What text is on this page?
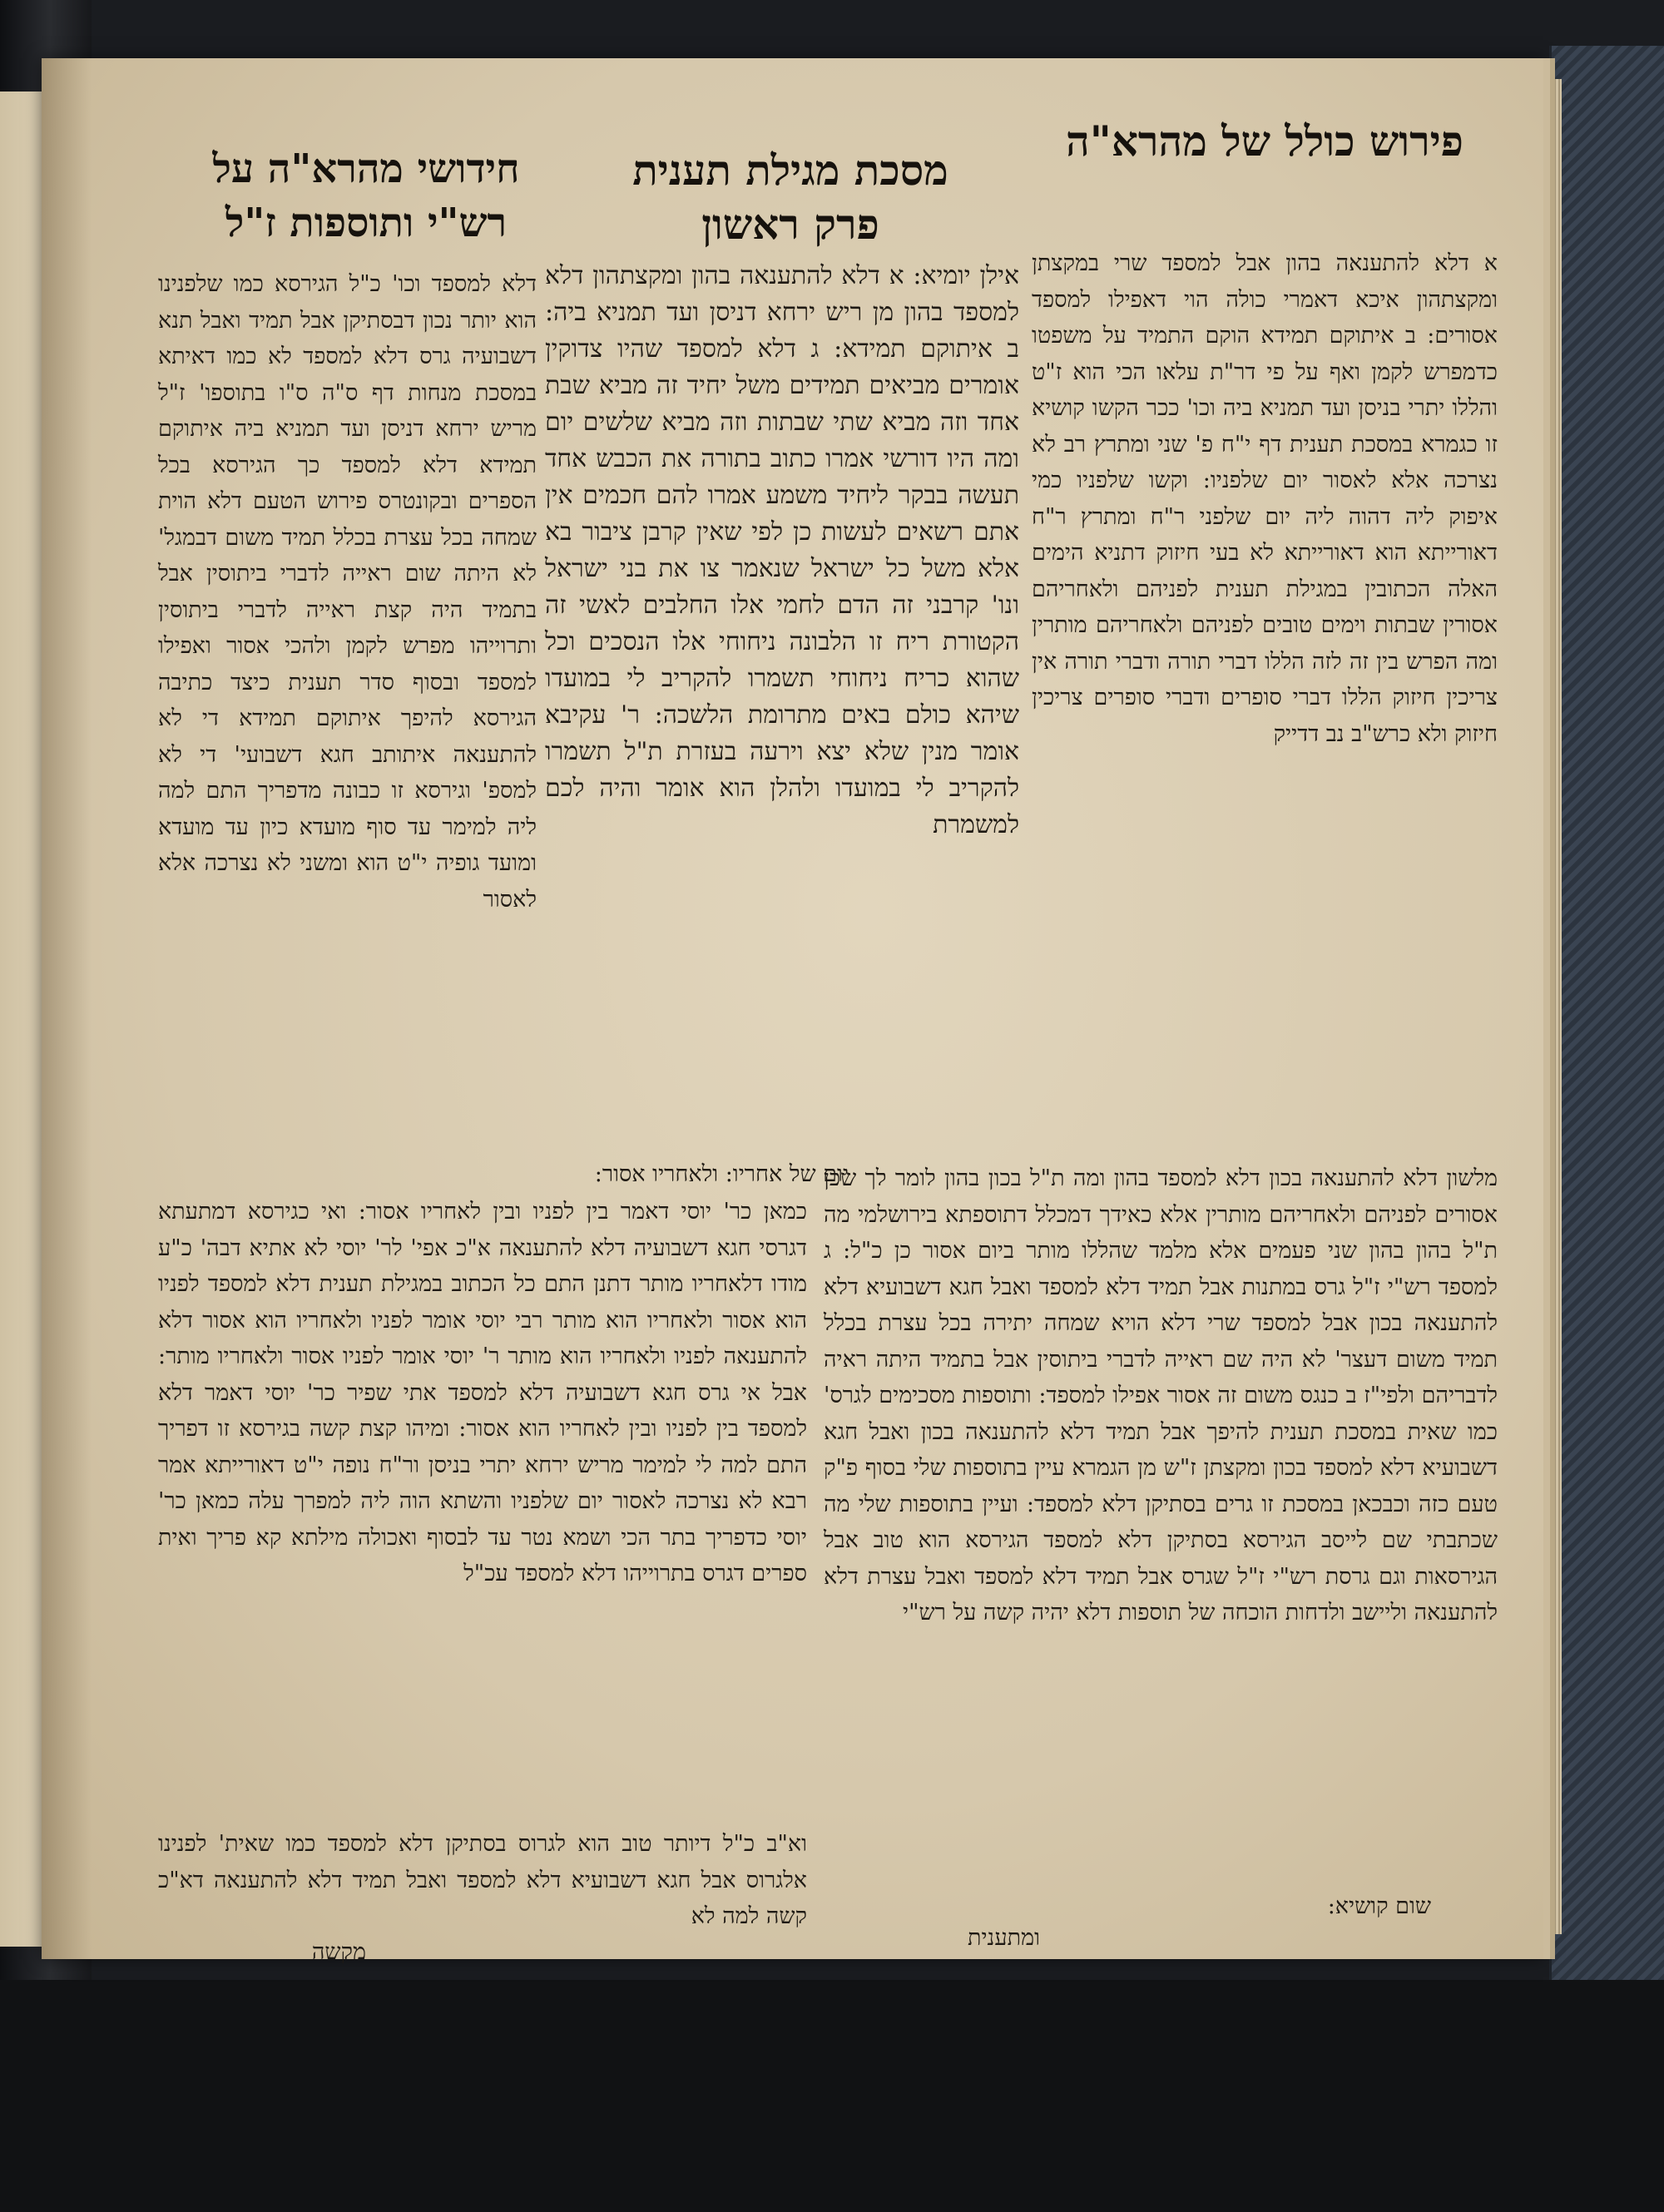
פירוש כולל של מהרא"ה
מסכת מגילת תענית
פרק ראשון
חידושי מהרא"ה על
רש"י ותוספות ז"ל

אילן יומיא: א דלא להתענאה בהון ומקצתהון דלא למספד בהון מן ריש ירחא דניסן ועד תמניא ביה: ב איתוקם תמידא: ג דלא למספד שהיו צדוקין אומרים מביאים תמידים משל יחיד זה מביא שבת אחד וזה מביא שתי שבתות וזה מביא שלשים יום ומה היו דורשי אמרו כתוב בתורה את הכבש אחד תעשה בבקר ליחיד משמע אמרו להם חכמים אין אתם רשאים לעשות כן לפי שאין קרבן ציבור בא אלא משל כל ישראל שנאמר צו את בני ישראל ונו' קרבני זה הדם לחמי אלו החלבים לאשי זה הקטורת ריח זו הלבונה ניחוחי אלו הנסכים וכל שהוא כריח ניחוחי תשמרו להקריב לי במועדו שיהא כולם באים מתרומת הלשכה: ר' עקיבא אומר מנין שלא יצא וירעה בעזרת ת"ל תשמרו להקריב לי במועדו ולהלן הוא אומר והיה לכם למשמרת

יום של אחריו: ולאחריו אסור:

א דלא להתענאה בהון אבל למספד שרי במקצתן ומקצתהון איכא דאמרי כולה הוי דאפילו למספד אסורים: ב איתוקם תמידא הוקם התמיד על משפטו כדמפרש לקמן ואף על פי דר"ת עלאו הכי הוא ז"ט והללו יתרי בניסן ועד תמניא ביה וכו' ככר הקשו קושיא זו כגמרא במסכת תענית דף י"ח פ' שני ומתרץ רב לא נצרכה אלא לאסור יום שלפניו: וקשו שלפניו כמי איפוק ליה דהוה ליה יום שלפני ר"ח ומתרץ ר"ח דאורייתא הוא דאורייתא לא בעי חיזוק דתניא הימים האלה הכתובין במגילת תענית לפניהם ולאחריהם אסורין שבתות וימים טובים לפניהם ולאחריהם מותרין ומה הפרש בין זה לזה הללו דברי תורה ודברי תורה אין צריכין חיזוק הללו דברי סופרים ודברי סופרים צריכין חיזוק ולא כרש"ב נב דדייק

דלא למספד וכו' כ"ל הגירסא כמו שלפנינו הוא יותר נכון דבסתיקן אבל תמיד ואבל תנא דשבועיה גרס דלא למספד לא כמו דאיתא במסכת מנחות דף ס"ה ס"ו בתוספו' ז"ל מריש ירחא דניסן ועד תמניא ביה איתוקם תמידא דלא למספד כך הגירסא בכל הספרים ובקונטרס פירוש הטעם דלא הוית שמחה בכל עצרת בכלל תמיד משום דבמגל' לא היתה שום ראייה לדברי ביתוסין אבל בתמיד היה קצת ראייה לדברי ביתוסין ותרוייהו מפרש לקמן ולהכי אסור ואפילו למספד ובסוף סדר תענית כיצד כתיבה הגירסא להיפך איתוקם תמידא די לא להתענאה איתותב חגא דשבועי' די לא למספ' וגירסא זו כבונה מדפריך התם למה ליה למימר עד סוף מועדא כיון עד מועדא ומועד גופיה י"ט הוא ומשני לא נצרכה אלא לאסור

כמאן כר' יוסי דאמר בין לפניו ובין לאחריו אסור: ואי כגירסא דמתעתא דגרסי חגא דשבועיה דלא להתענאה א"כ אפי' לר' יוסי לא אתיא דבה' כ"ע מודו דלאחריו מותר דתנן התם כל הכתוב במגילת תענית דלא למספד לפניו הוא אסור ולאחריו הוא מותר רבי יוסי אומר לפניו ולאחריו הוא אסור דלא להתענאה לפניו ולאחריו הוא מותר ר' יוסי אומר לפניו אסור ולאחריו מותר: אבל אי גרס חגא דשבועיה דלא למספד אתי שפיר כר' יוסי דאמר דלא למספד בין לפניו ובין לאחריו הוא אסור: ומיהו קצת קשה בגירסא זו דפריך התם למה לי למימר מריש ירחא יתרי בניסן ור"ח נופה י"ט דאורייתא אמר רבא לא נצרכה לאסור יום שלפניו והשתא הוה ליה למפרך עלה כמאן כר' יוסי כדפריך בתר הכי ושמא נטר עד לבסוף ואכולה מילתא קא פריך ואית ספרים דגרס בתרוייהו דלא למספד עכ"ל

וא"ב כ"ל דיותר טוב הוא לגרוס בסתיקן דלא למספד כמו שאית' לפנינו אלגרוס אבל חגא דשבועיא דלא למספד ואבל תמיד דלא להתענאה דא"כ קשה למה לא

מקשה

מלשון דלא להתענאה בכון דלא למספד בהון ומה ת"ל בכון בהון לומר לך שכן אסורים לפניהם ולאחריהם מותרין אלא כאידך דמכלל דתוספתא בירושלמי מה ת"ל בהון בהון שני פעמים אלא מלמד שהללו מותר ביום אסור כן כ"ל: ג למספד רש"י ז"ל גרס במתנות אבל תמיד דלא למספד ואבל חגא דשבועיא דלא להתענאה בכון אבל למספד שרי דלא הויא שמחה יתירה בכל עצרת בכלל תמיד משום דעצר' לא היה שם ראייה לדברי ביתוסין אבל בתמיד היתה ראיה לדבריהם ולפי"ז ב כנגס משום זה אסור אפילו למספד: ותוספות מסכימים לגרס' כמו שאית במסכת תענית להיפך אבל תמיד דלא להתענאה בכון ואבל חגא דשבועיא דלא למספד בכון ומקצתן ז"ש מן הגמרא עיין בתוספות שלי בסוף פ"ק טעם כזה וכבכאן במסכת זו גרים בסתיקן דלא למספד: ועיין בתוספות שלי מה שכתבתי שם לייסב הגירסא בסתיקן דלא למספד הגירסא הוא טוב אבל הגירסאות וגם גרסת רש"י ז"ל שגרס אבל תמיד דלא למספד ואבל עצרת דלא להתענאה וליישב ולדחות הוכחה של תוספות דלא יהיה קשה על רש"י

שום קושיא:

ומתענית
